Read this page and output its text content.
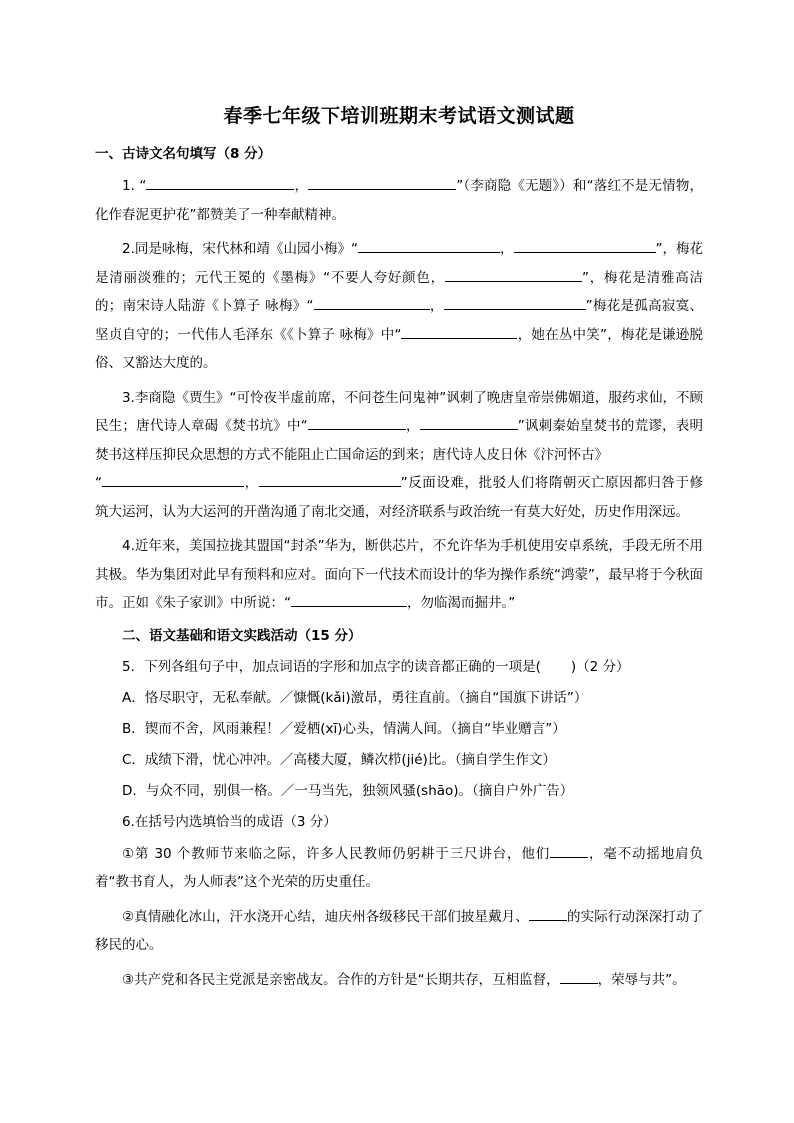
春季七年级下培训班期末考试语文测试题
一、古诗文名句填写（8 分）

1. “	，	”（李商隐《无题》）和“落红不是无情物，化作春泥更护花”都赞美了一种奉献精神。

2.同是咏梅，宋代林和靖《山园小梅》“	，	”，梅花是清丽淡雅的；元代王冕的《墨梅》“不要人夸好颜色，	”，梅花是清雅高洁的；南宋诗人陆游《卜算子 咏梅》“	，	”梅花是孤高寂寞、坚贞自守的；一代伟人毛泽东《《卜算子 咏梅》中“	，她在丛中笑”，梅花是谦逊脱俗、又豁达大度的。

3.李商隐《贾生》“可怜夜半虚前席，不问苍生问鬼神”讽刺了晚唐皇帝崇佛媚道，服药求仙，不顾民生；唐代诗人章碣《焚书坑》中“	，	”讽刺秦始皇焚书的荒谬，表明焚书这样压抑民众思想的方式不能阻止亡国命运的到来；唐代诗人皮日休《汴河怀古》
“	，	”反面设难，批驳人们将隋朝灭亡原因都归咎于修筑大运河，认为大运河的开凿沟通了南北交通，对经济联系与政治统一有莫大好处，历史作用深远。

4.近年来，美国拉拢其盟国“封杀”华为，断供芯片，不允许华为手机使用安卓系统，手段无所不用其极。华为集团对此早有预料和应对。面向下一代技术而设计的华为操作系统“鸿蒙”，最早将于今秋面市。正如《朱子家训》中所说：“	，勿临渴而掘井。”

二、语文基础和语文实践活动（15 分）

5．下列各组句子中，加点词语的字形和加点字的读音都正确的一项是( )（2 分）

A．恪尽职守，无私奉献。／慷慨(kǎi)激昂，勇往直前。（摘自“国旗下讲话”）

B．锲而不舍，风雨兼程！／爱栖(xī)心头，情满人间。（摘自“毕业赠言”）

C．成绩下滑，忧心冲冲。／高楼大厦，鳞次栉(jié)比。（摘自学生作文）

D．与众不同，别俱一格。／一马当先，独领风骚(shāo)。（摘自户外广告）

6.在括号内选填恰当的成语（3 分）

①第 30 个教师节来临之际，许多人民教师仍躬耕于三尺讲台，他们	，毫不动摇地肩负着“教书育人，为人师表”这个光荣的历史重任。

②真情融化冰山，汗水浇开心结，迪庆州各级移民干部们披星戴月、	的实际行动深深打动了移民的心。

③共产党和各民主党派是亲密战友。合作的方针是“长期共存，互相监督，	，荣辱与共”。
